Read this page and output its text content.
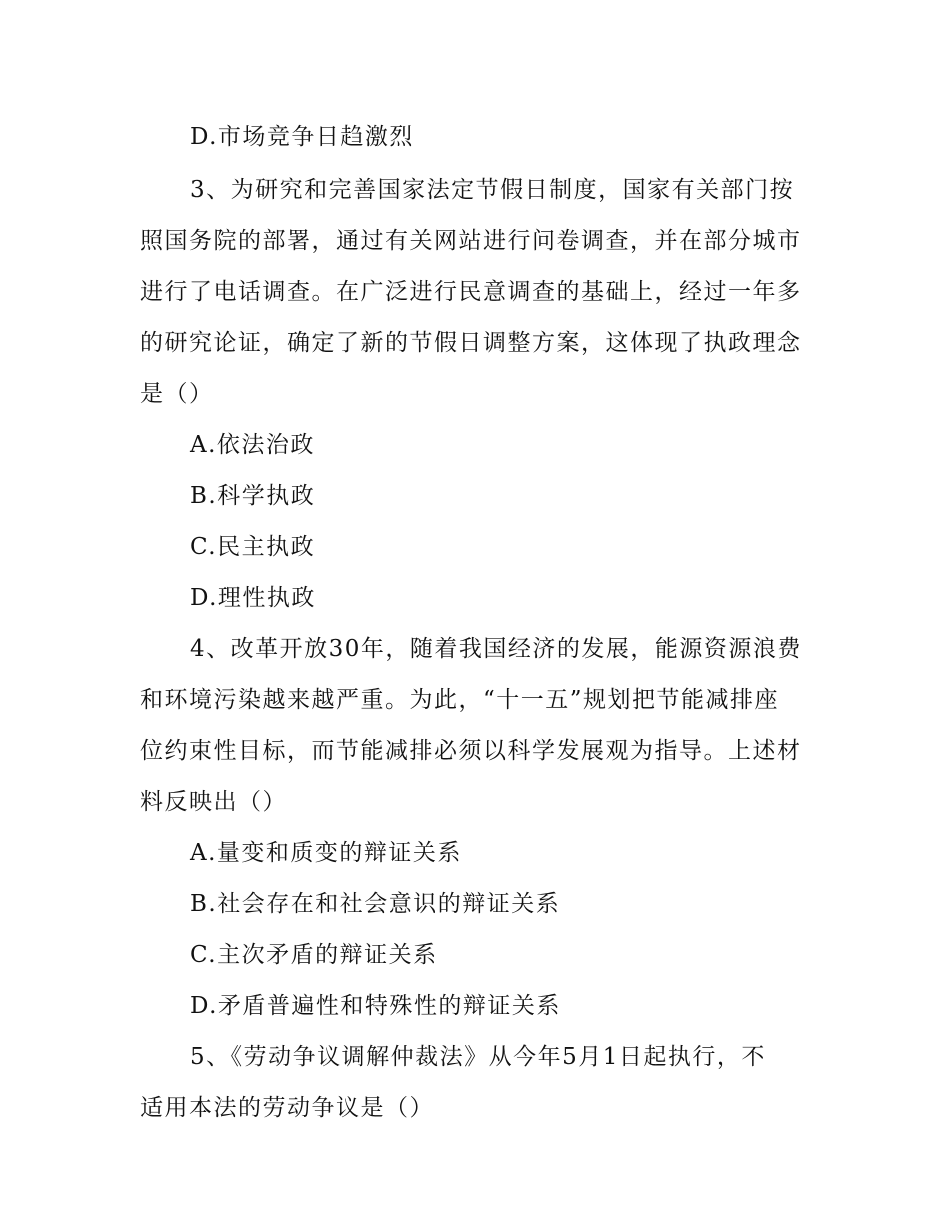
D.市场竞争日趋激烈
3、为研究和完善国家法定节假日制度，国家有关部门按
照国务院的部署，通过有关网站进行问卷调查，并在部分城市
进行了电话调查。在广泛进行民意调查的基础上，经过一年多
的研究论证，确定了新的节假日调整方案，这体现了执政理念
是（）
A.依法治政
B.科学执政
C.民主执政
D.理性执政
4、改革开放30年，随着我国经济的发展，能源资源浪费
和环境污染越来越严重。为此，“十一五”规划把节能减排座
位约束性目标，而节能减排必须以科学发展观为指导。上述材
料反映出（）
A.量变和质变的辩证关系
B.社会存在和社会意识的辩证关系
C.主次矛盾的辩证关系
D.矛盾普遍性和特殊性的辩证关系
5、《劳动争议调解仲裁法》从今年5月1日起执行，不
适用本法的劳动争议是（）
